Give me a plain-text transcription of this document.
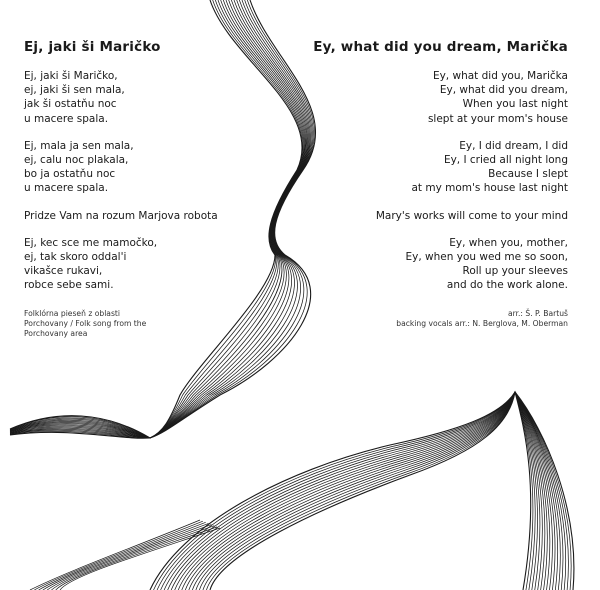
Ej, jaki ši Maričko
Ej, jaki ši Maričko,
ej, jaki ši sen mala,
jak ši ostatňu noc
u macere spala.
Ej, mala ja sen mala,
ej, calu noc plakala,
bo ja ostatňu noc
u macere spala.
Pridze Vam na rozum Marjova robota
Ej, kec sce me mamočko,
ej, tak skoro oddal'i
vikašce rukavi,
robce sebe sami.
Ey, what did you dream, Marička
Ey, what did you, Marička
Ey, what did you dream,
When you last night
slept at your mom's house
Ey, I did dream, I did
Ey, I cried all night long
Because I slept
at my mom's house last night
Mary's works will come to your mind
Ey, when you, mother,
Ey, when you wed me so soon,
Roll up your sleeves
and do the work alone.
Folklórna pieseň z oblasti
Porchovany / Folk song from the
Porchovany area
arr.: Š. P. Bartuš
backing vocals arr.: N. Berglova, M. Oberman
